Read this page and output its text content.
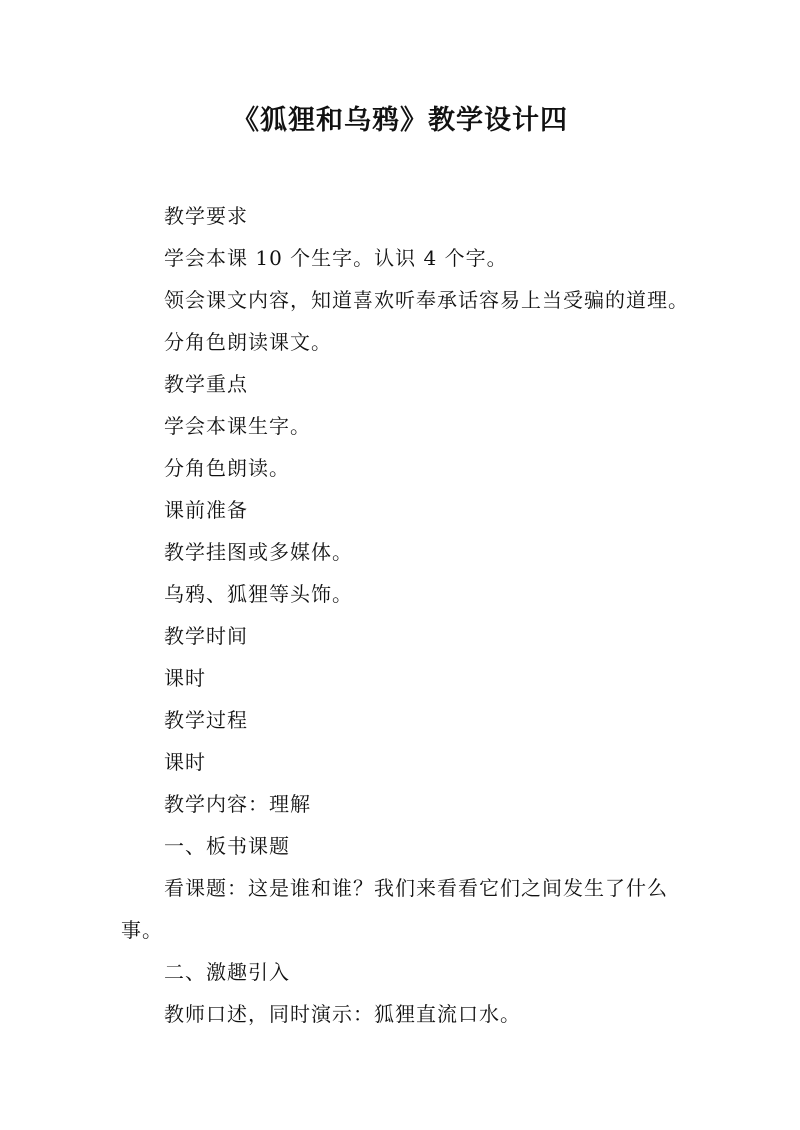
《狐狸和乌鸦》教学设计四
教学要求
学会本课 10 个生字。认识 4 个字。
领会课文内容，知道喜欢听奉承话容易上当受骗的道理。
分角色朗读课文。
教学重点
学会本课生字。
分角色朗读。
课前准备
教学挂图或多媒体。
乌鸦、狐狸等头饰。
教学时间
课时
教学过程
课时
教学内容：理解
一、板书课题
看课题：这是谁和谁？我们来看看它们之间发生了什么
事。
二、激趣引入
教师口述，同时演示：狐狸直流口水。
